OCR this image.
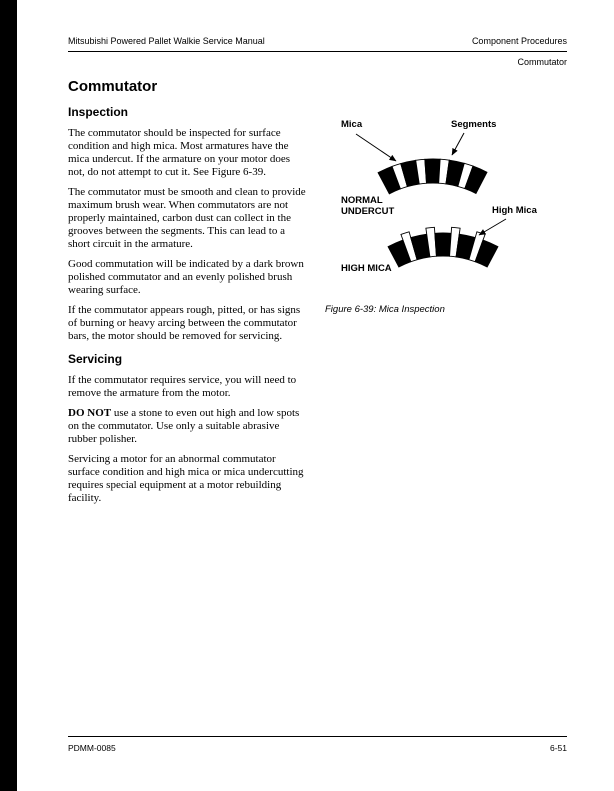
Mitsubishi Powered Pallet Walkie Service Manual	Component Procedures
Commutator
Commutator
Inspection

The commutator should be inspected for surface condition and high mica. Most armatures have the mica undercut. If the armature on your motor does not, do not attempt to cut it. See Figure 6-39.

The commutator must be smooth and clean to provide maximum brush wear. When commutators are not properly maintained, carbon dust can collect in the grooves between the segments. This can lead to a short circuit in the armature.

Good commutation will be indicated by a dark brown polished commutator and an evenly polished brush wearing surface.

If the commutator appears rough, pitted, or has signs of burning or heavy arcing between the commutator bars, the motor should be removed for servicing.

Servicing

If the commutator requires service, you will need to remove the armature from the motor.

DO NOT use a stone to even out high and low spots on the commutator. Use only a suitable abrasive rubber polisher.

Servicing a motor for an abnormal commutator surface condition and high mica or mica undercutting requires special equipment at a motor rebuilding facility.

Mica	Segments
NORMAL
UNDERCUT	High Mica
HIGH MICA
Figure 6-39: Mica Inspection
PDMM-0085	6-51
